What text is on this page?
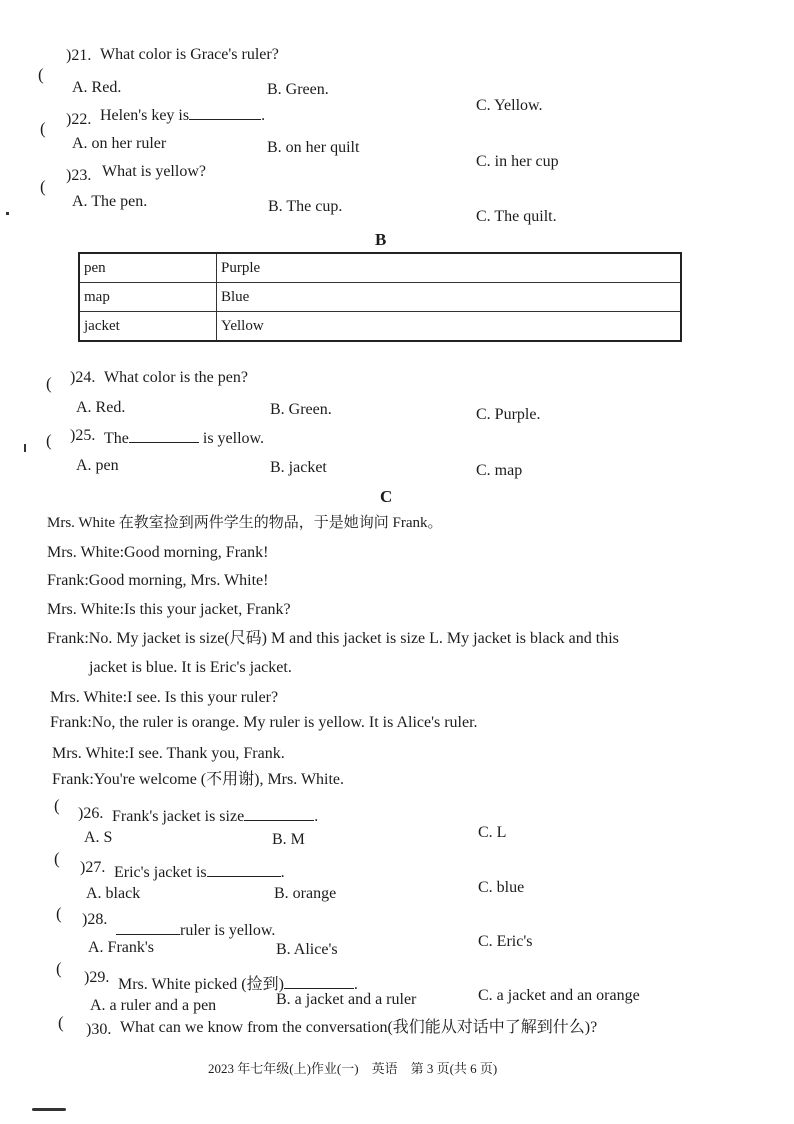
(
)21. What color is Grace's ruler?
A. Red.	B. Green.
C. Yellow.
( )22. Helen's key is	.
A. on her ruler	B. on her quilt
C. in her cup
(
)23. What is yellow?
A. The pen.	B. The cup.
C. The quilt.
B
pen	Purple
map	Blue
jacket	Yellow
( )24. What color is the pen?
A. Red.	B. Green.	C. Purple.
( )25. The	is yellow.
A. pen	B. jacket	C. map
C
Mrs. White 在教室捡到两件学生的物品，于是她询问 Frank。
Mrs. White:Good morning, Frank!
Frank:Good morning, Mrs. White!
Mrs. White:Is this your jacket, Frank?
Frank:No. My jacket is size(尺码) M and this jacket is size L. My jacket is black and this
jacket is blue. It is Eric's jacket.
Mrs. White:I see. Is this your ruler?
Frank:No, the ruler is orange. My ruler is yellow. It is Alice's ruler.
Mrs. White:I see. Thank you, Frank.
Frank:You're welcome (不用谢), Mrs. White.
( )26. Frank's jacket is size	.
A. S	B. M	C. L
( )27. Eric's jacket is	.
A. black	B. orange	C. blue
( )28.
ruler is yellow.
A. Frank's	B. Alice's	C. Eric's
( )29. Mrs. White picked (捡到)	.
A. a ruler and a pen	B. a jacket and a ruler	C. a jacket and an orange
( )30. What can we know from the conversation(我们能从对话中了解到什么)?
2023 年七年级(上)作业(一)　英语　第 3 页(共 6 页)
